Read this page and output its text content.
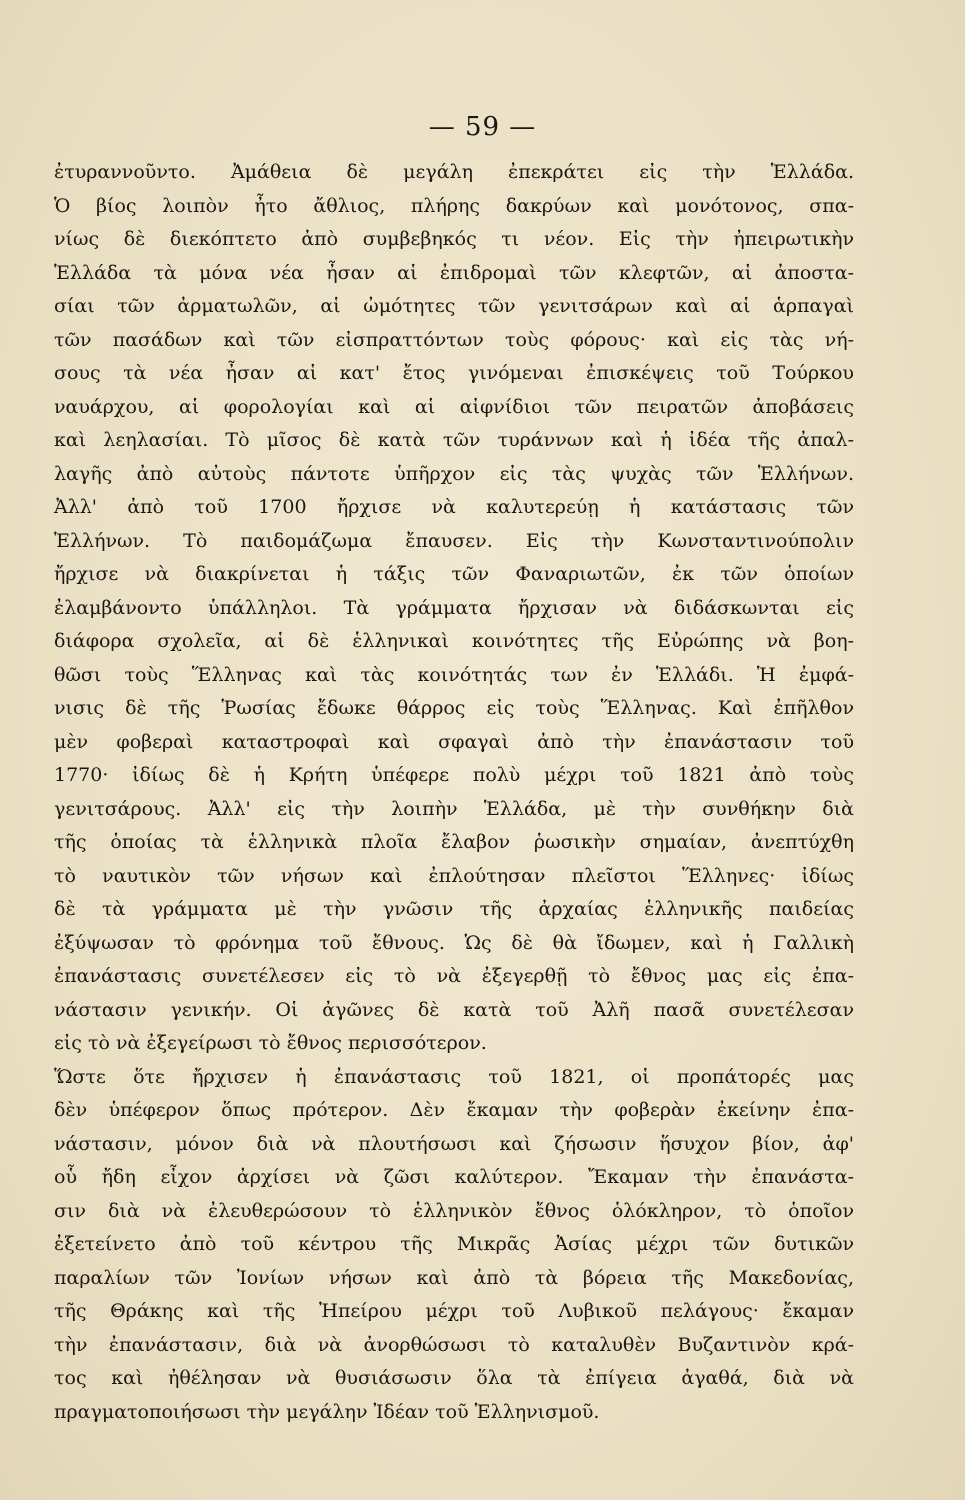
— 59 —
ἐτυραννοῦντο. Ἀμάθεια δὲ μεγάλη ἐπεκράτει εἰς τὴν Ἑλλάδα.
Ὁ βίος λοιπὸν ἦτο ἄθλιος, πλήρης δακρύων καὶ μονότονος, σπα-
νίως δὲ διεκόπτετο ἀπὸ συμβεβηκός τι νέον. Εἰς τὴν ἠπειρωτικὴν
Ἑλλάδα τὰ μόνα νέα ἦσαν αἱ ἐπιδρομαὶ τῶν κλεφτῶν, αἱ ἀποστα-
σίαι τῶν ἀρματωλῶν, αἱ ὠμότητες τῶν γενιτσάρων καὶ αἱ ἁρπαγαὶ
τῶν πασάδων καὶ τῶν εἰσπραττόντων τοὺς φόρους· καὶ εἰς τὰς νή-
σους τὰ νέα ἦσαν αἱ κατ' ἔτος γινόμεναι ἐπισκέψεις τοῦ Τούρκου
ναυάρχου, αἱ φορολογίαι καὶ αἱ αἰφνίδιοι τῶν πειρατῶν ἀποβάσεις
καὶ λεηλασίαι. Τὸ μῖσος δὲ κατὰ τῶν τυράννων καὶ ἡ ἰδέα τῆς ἀπαλ-
λαγῆς ἀπὸ αὐτοὺς πάντοτε ὑπῆρχον εἰς τὰς ψυχὰς τῶν Ἑλλήνων.
Ἀλλ' ἀπὸ τοῦ 1700 ἤρχισε νὰ καλυτερεύῃ ἡ κατάστασις τῶν
Ἑλλήνων. Τὸ παιδομάζωμα ἔπαυσεν. Εἰς τὴν Κωνσταντινούπολιν
ἤρχισε νὰ διακρίνεται ἡ τάξις τῶν Φαναριωτῶν, ἐκ τῶν ὁποίων
ἐλαμβάνοντο ὑπάλληλοι. Τὰ γράμματα ἤρχισαν νὰ διδάσκωνται εἰς
διάφορα σχολεῖα, αἱ δὲ ἑλληνικαὶ κοινότητες τῆς Εὐρώπης νὰ βοη-
θῶσι τοὺς Ἕλληνας καὶ τὰς κοινότητάς των ἐν Ἑλλάδι. Ἡ ἐμφά-
νισις δὲ τῆς Ῥωσίας ἔδωκε θάρρος εἰς τοὺς Ἕλληνας. Καὶ ἐπῆλθον
μὲν φοβεραὶ καταστροφαὶ καὶ σφαγαὶ ἀπὸ τὴν ἐπανάστασιν τοῦ
1770· ἰδίως δὲ ἡ Κρήτη ὑπέφερε πολὺ μέχρι τοῦ 1821 ἀπὸ τοὺς
γενιτσάρους. Ἀλλ' εἰς τὴν λοιπὴν Ἑλλάδα, μὲ τὴν συνθήκην διὰ
τῆς ὁποίας τὰ ἑλληνικὰ πλοῖα ἔλαβον ῥωσικὴν σημαίαν, ἀνεπτύχθη
τὸ ναυτικὸν τῶν νήσων καὶ ἐπλούτησαν πλεῖστοι Ἕλληνες· ἰδίως
δὲ τὰ γράμματα μὲ τὴν γνῶσιν τῆς ἀρχαίας ἑλληνικῆς παιδείας
ἐξύψωσαν τὸ φρόνημα τοῦ ἔθνους. Ὡς δὲ θὰ ἴδωμεν, καὶ ἡ Γαλλικὴ
ἐπανάστασις συνετέλεσεν εἰς τὸ νὰ ἐξεγερθῇ τὸ ἔθνος μας εἰς ἐπα-
νάστασιν γενικήν. Οἱ ἀγῶνες δὲ κατὰ τοῦ Ἀλῆ πασᾶ συνετέλεσαν
εἰς τὸ νὰ ἐξεγείρωσι τὸ ἔθνος περισσότερον.
Ὥστε ὅτε ἤρχισεν ἡ ἐπανάστασις τοῦ 1821, οἱ προπάτορές μας
δὲν ὑπέφερον ὅπως πρότερον. Δὲν ἔκαμαν τὴν φοβερὰν ἐκείνην ἐπα-
νάστασιν, μόνον διὰ νὰ πλουτήσωσι καὶ ζήσωσιν ἥσυχον βίον, ἀφ'
οὗ ἤδη εἶχον ἀρχίσει νὰ ζῶσι καλύτερον. Ἔκαμαν τὴν ἐπανάστα-
σιν διὰ νὰ ἐλευθερώσουν τὸ ἑλληνικὸν ἔθνος ὁλόκληρον, τὸ ὁποῖον
ἐξετείνετο ἀπὸ τοῦ κέντρου τῆς Μικρᾶς Ἀσίας μέχρι τῶν δυτικῶν
παραλίων τῶν Ἰονίων νήσων καὶ ἀπὸ τὰ βόρεια τῆς Μακεδονίας,
τῆς Θράκης καὶ τῆς Ἠπείρου μέχρι τοῦ Λυβικοῦ πελάγους· ἔκαμαν
τὴν ἐπανάστασιν, διὰ νὰ ἀνορθώσωσι τὸ καταλυθὲν Βυζαντινὸν κρά-
τος καὶ ἠθέλησαν νὰ θυσιάσωσιν ὅλα τὰ ἐπίγεια ἀγαθά, διὰ νὰ
πραγματοποιήσωσι τὴν μεγάλην Ἰδέαν τοῦ Ἑλληνισμοῦ.
